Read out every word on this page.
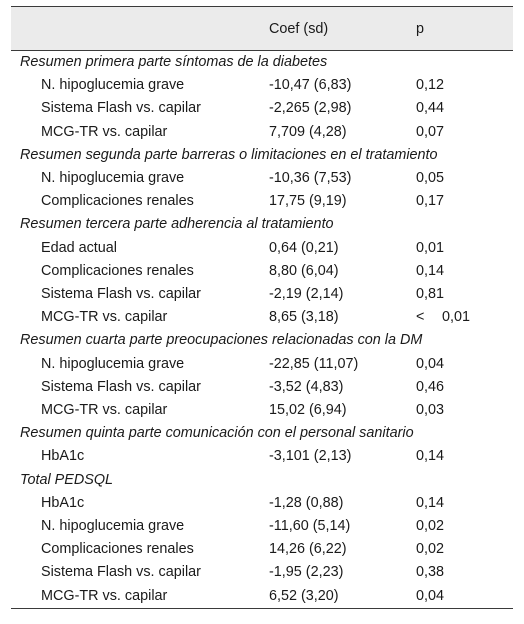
	Coef (sd)	p
Resumen primera parte síntomas de la diabetes		
N. hipoglucemia grave	-10,47 (6,83)	0,12
Sistema Flash vs. capilar	-2,265 (2,98)	0,44
MCG-TR vs. capilar	7,709 (4,28)	0,07
Resumen segunda parte barreras o limitaciones en el tratamiento		
N. hipoglucemia grave	-10,36 (7,53)	0,05
Complicaciones renales	17,75 (9,19)	0,17
Resumen tercera parte adherencia al tratamiento		
Edad actual	0,64 (0,21)	0,01
Complicaciones renales	8,80 (6,04)	0,14
Sistema Flash vs. capilar	-2,19 (2,14)	0,81
MCG-TR vs. capilar	8,65 (3,18)	< 0,01
Resumen cuarta parte preocupaciones relacionadas con la DM		
N. hipoglucemia grave	-22,85 (11,07)	0,04
Sistema Flash vs. capilar	-3,52 (4,83)	0,46
MCG-TR vs. capilar	15,02 (6,94)	0,03
Resumen quinta parte comunicación con el personal sanitario		
HbA1c	-3,101 (2,13)	0,14
Total PEDSQL		
HbA1c	-1,28 (0,88)	0,14
N. hipoglucemia grave	-11,60 (5,14)	0,02
Complicaciones renales	14,26 (6,22)	0,02
Sistema Flash vs. capilar	-1,95 (2,23)	0,38
MCG-TR vs. capilar	6,52 (3,20)	0,04
